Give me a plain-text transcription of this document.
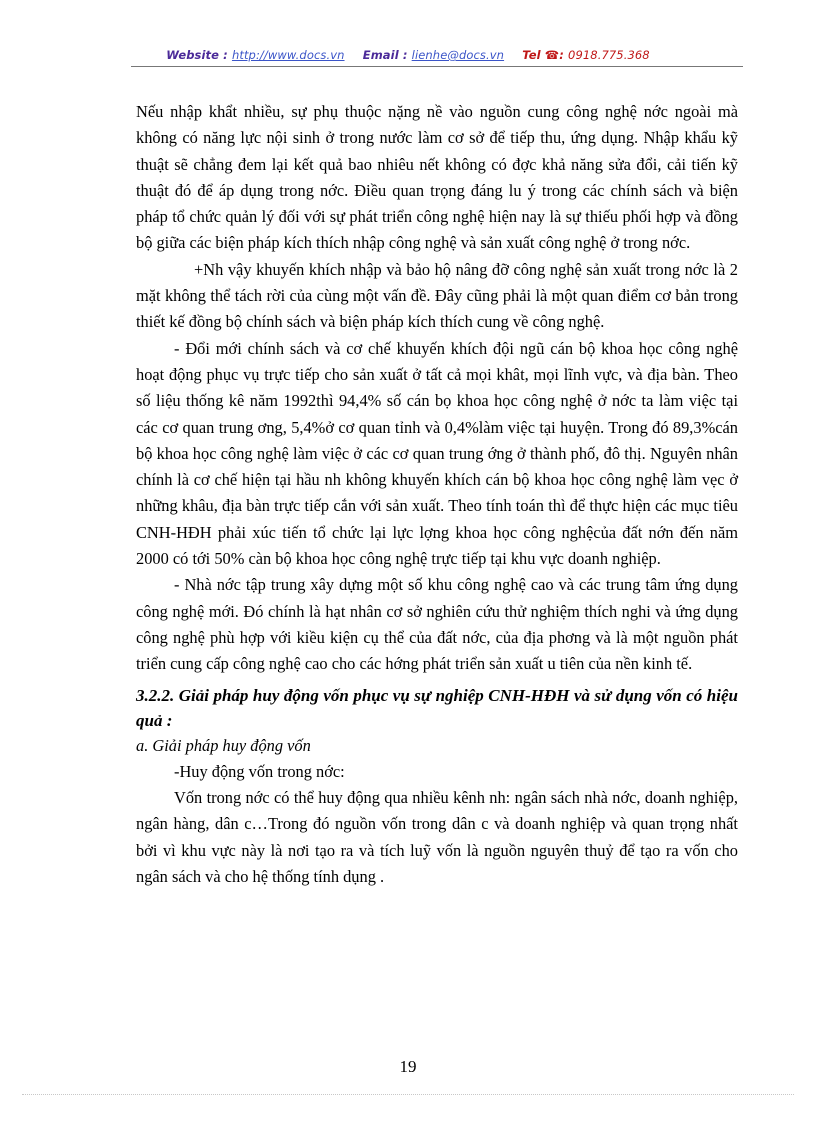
Website : http://www.docs.vn Email : lienhe@docs.vn Tel ☎: 0918.775.368

Nếu nhập khẩt nhiều, sự phụ thuộc nặng nề vào nguồn cung công nghệ nớc ngoài mà không có năng lực nội sinh ở trong nước làm cơ sở để tiếp thu, ứng dụng. Nhập khẩu kỹ thuật sẽ chẳng đem lại kết quả bao nhiêu nết không có đợc khả năng sửa đổi, cải tiến kỹ thuật đó để áp dụng trong nớc. Điều quan trọng đáng lu ý trong các chính sách và biện pháp tổ chức quản lý đối với sự phát triển công nghệ hiện nay là sự thiếu phối hợp và đồng bộ giữa các biện pháp kích thích nhập công nghệ và sản xuất công nghệ ở trong nớc.

+Nh vậy khuyến khích nhập và bảo hộ nâng đỡ công nghệ sản xuất trong nớc là 2 mặt không thể tách rời của cùng một vấn đề. Đây cũng phải là một quan điểm cơ bản trong thiết kế đồng bộ chính sách và biện pháp kích thích cung về công nghệ.

- Đổi mới chính sách và cơ chế khuyến khích đội ngũ cán bộ khoa học công nghệ hoạt động phục vụ trực tiếp cho sản xuất ở tất cả mọi khât, mọi lĩnh vực, và địa bàn. Theo số liệu thống kê năm 1992thì 94,4% số cán bọ khoa học công nghệ ở nớc ta làm việc tại các cơ quan trung ơng, 5,4%ở cơ quan tỉnh và 0,4%làm việc tại huyện. Trong đó 89,3%cán bộ khoa học công nghệ làm việc ở các cơ quan trung ớng ở thành phố, đô thị. Nguyên nhân chính là cơ chế hiện tại hầu nh không khuyến khích cán bộ khoa học công nghệ làm vẹc ở những khâu, địa bàn trực tiếp cắn với sản xuất. Theo tính toán thì để thực hiện các mục tiêu CNH-HĐH phải xúc tiến tổ chức lại lực lợng khoa học công nghệcủa đất nớn đến năm 2000 có tới 50% càn bộ khoa học công nghệ trực tiếp tại khu vực doanh nghiệp.

- Nhà nớc tập trung xây dựng một số khu công nghệ cao và các trung tâm ứng dụng công nghệ mới. Đó chính là hạt nhân cơ sở nghiên cứu thử nghiệm thích nghi và ứng dụng công nghệ phù hợp với kiều kiện cụ thể của đất nớc, của địa phơng và là một nguồn phát triển cung cấp công nghệ cao cho các hớng phát triển sản xuất u tiên của nền kinh tế.

3.2.2. Giải pháp huy động vốn phục vụ sự nghiệp CNH-HĐH và sử dụng vốn có hiệu quả :

a. Giải pháp huy động vốn

-Huy động vốn trong nớc:

Vốn trong nớc có thể huy động qua nhiều kênh nh: ngân sách nhà nớc, doanh nghiệp, ngân hàng, dân c…Trong đó nguồn vốn trong dân c và doanh nghiệp và quan trọng nhất bởi vì khu vực này là nơi tạo ra và tích luỹ vốn là nguồn nguyên thuỷ để tạo ra vốn cho ngân sách và cho hệ thống tính dụng .

19
